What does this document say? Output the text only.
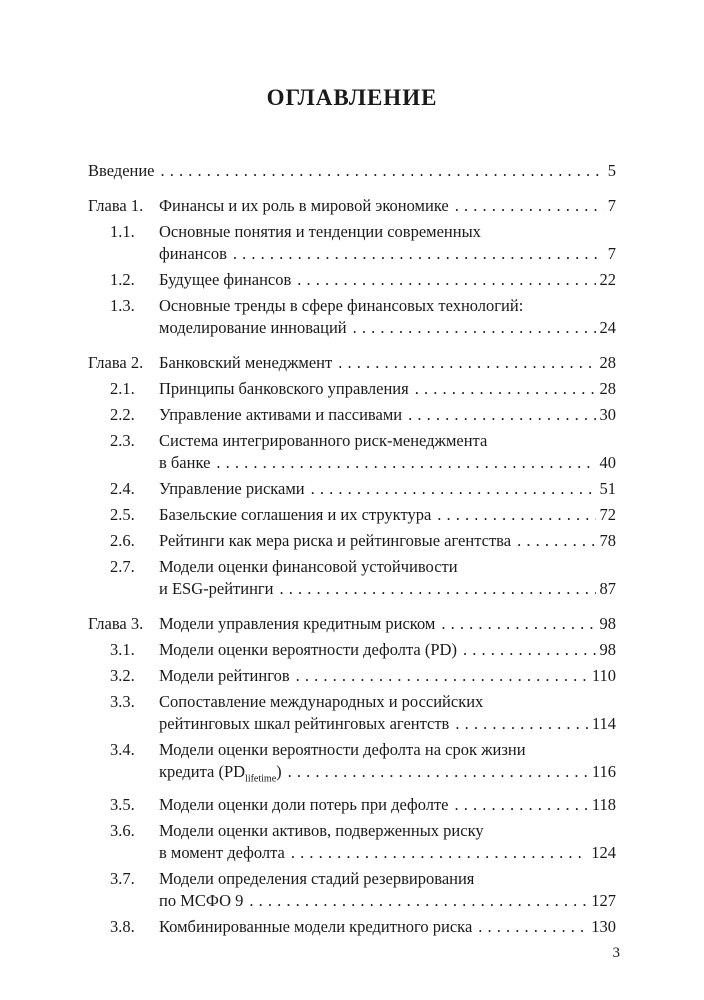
ОГЛАВЛЕНИЕ
Введение . . .	5
Глава 1. Финансы и их роль в мировой экономике . . .	7
1.1.	Основные понятия и тенденции современных
финансов . . .	7
1.2.	Будущее финансов . . .	22
1.3.	Основные тренды в сфере финансовых технологий:
моделирование инноваций . . .	24
Глава 2. Банковский менеджмент . . .	28
2.1.	Принципы банковского управления . . .	28
2.2.	Управление активами и пассивами . . .	30
2.3.	Система интегрированного риск-менеджмента
в банке . . .	40
2.4.	Управление рисками . . .	51
2.5.	Базельские соглашения и их структура . . .	72
2.6.	Рейтинги как мера риска и рейтинговые агентства . . .	78
2.7.	Модели оценки финансовой устойчивости
и ESG-рейтинги . . .	87
Глава 3. Модели управления кредитным риском . . .	98
3.1.	Модели оценки вероятности дефолта (PD) . . .	98
3.2.	Модели рейтингов . . .	110
3.3.	Сопоставление международных и российских
рейтинговых шкал рейтинговых агентств . . .	114
3.4.	Модели оценки вероятности дефолта на срок жизни
кредита $(PD_{lifetime})$ . . .	116
3.5.	Модели оценки доли потерь при дефолте . . .	118
3.6.	Модели оценки активов, подверженных риску
в момент дефолта . . .	124
3.7.	Модели определения стадий резервирования
по МСФО 9 . . .	127
3.8.	Комбинированные модели кредитного риска . . .	130
3
